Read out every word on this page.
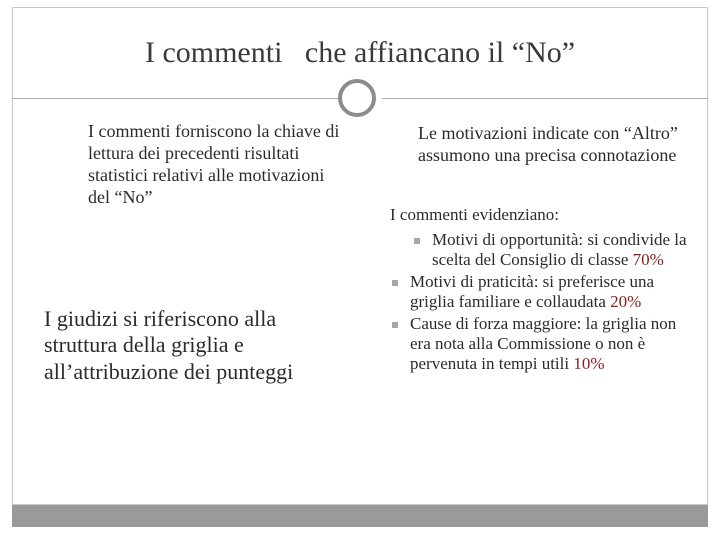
I commenti   che affiancano il “No”
I commenti forniscono la chiave di lettura dei precedenti risultati statistici relativi alle motivazioni del “No”
I giudizi si riferiscono alla struttura della griglia e all’attribuzione dei punteggi
Le motivazioni indicate con “Altro” assumono una precisa connotazione
I commenti evidenziano:
Motivi di opportunità: si condivide la scelta del Consiglio di classe 70%
Motivi di praticità: si preferisce una griglia familiare e collaudata 20%
Cause di forza maggiore: la griglia non era nota alla Commissione o non è pervenuta in tempi utili 10%
